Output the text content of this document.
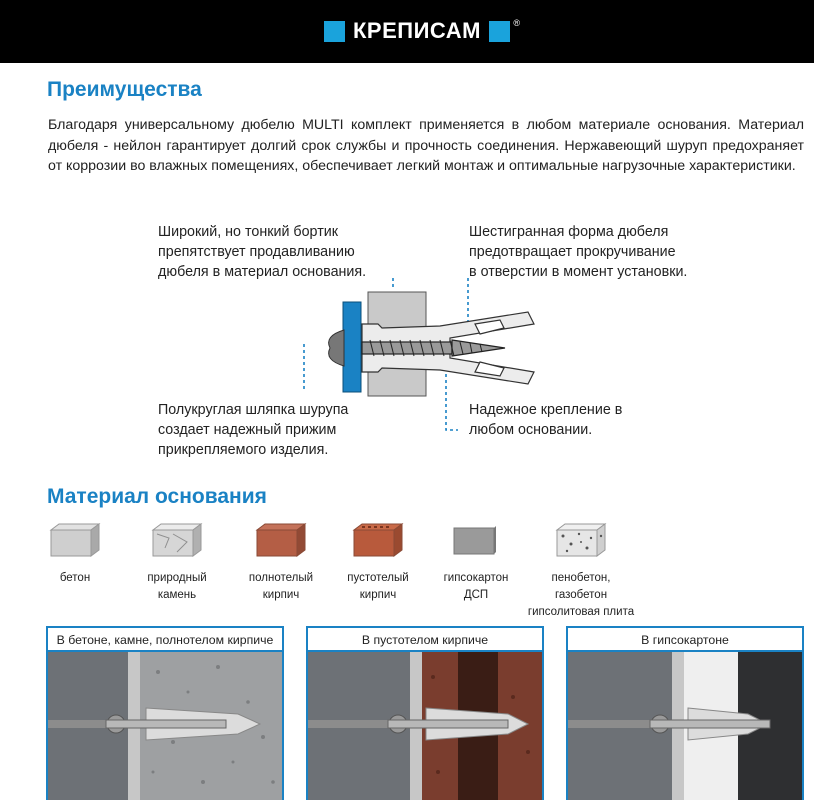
КРЕПИСАМ	®
Преимущества
Благодаря универсальному дюбелю MULTI комплект применяется в любом материале основания. Материал дюбеля - нейлон гарантирует долгий срок службы и прочность соединения. Нержавеющий шуруп предохраняет от коррозии во влажных помещениях, обеспечивает легкий монтаж и оптимальные нагрузочные характеристики.
Широкий, но тонкий бортик
препятствует продавливанию
дюбеля в материал основания.
Шестигранная форма дюбеля
предотвращает прокручивание
в отверстии в момент установки.
Полукруглая шляпка шурупа
создает надежный прижим
прикрепляемого изделия.
Надежное крепление в
любом основании.
Материал основания
бетон	природный
камень
полнотелый
кирпич
пустотелый
кирпич
гипсокартон
ДСП
пенобетон, газобетон
гипсолитовая плита
В бетоне, камне, полнотелом кирпиче	В пустотелом кирпиче	В гипсокартоне
